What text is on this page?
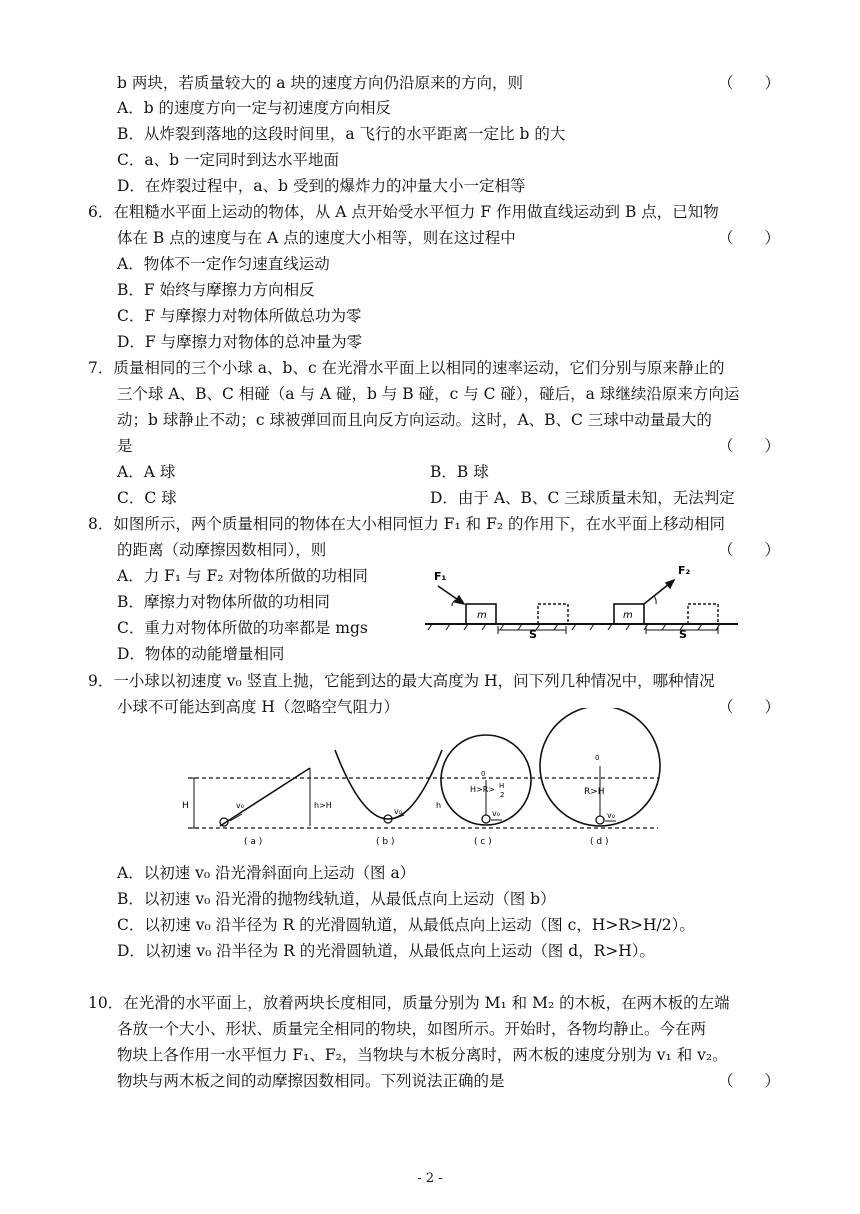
b 两块，若质量较大的 a 块的速度方向仍沿原来的方向，则	（　　）
A．b 的速度方向一定与初速度方向相反
B．从炸裂到落地的这段时间里，a 飞行的水平距离一定比 b 的大
C．a、b 一定同时到达水平地面
D．在炸裂过程中，a、b 受到的爆炸力的冲量大小一定相等
6．在粗糙水平面上运动的物体，从 A 点开始受水平恒力 F 作用做直线运动到 B 点，已知物
体在 B 点的速度与在 A 点的速度大小相等，则在这过程中	（　　）
A．物体不一定作匀速直线运动
B．F 始终与摩擦力方向相反
C．F 与摩擦力对物体所做总功为零
D．F 与摩擦力对物体的总冲量为零
7．质量相同的三个小球 a、b、c 在光滑水平面上以相同的速率运动，它们分别与原来静止的
三个球 A、B、C 相碰（a 与 A 碰，b 与 B 碰，c 与 C 碰），碰后，a 球继续沿原来方向运
动；b 球静止不动；c 球被弹回而且向反方向运动。这时，A、B、C 三球中动量最大的
是	（　　）
A．A 球	B．B 球
C．C 球	D．由于 A、B、C 三球质量未知，无法判定
8．如图所示，两个质量相同的物体在大小相同恒力 F₁ 和 F₂ 的作用下，在水平面上移动相同
的距离（动摩擦因数相同），则	（　　）
A．力 F₁ 与 F₂ 对物体所做的功相同
B．摩擦力对物体所做的功相同
C．重力对物体所做的功率都是 mgs
D．物体的动能增量相同
F₁	F₂
m	m
S	S
9．一小球以初速度 v₀ 竖直上抛，它能到达的最大高度为 H，问下列几种情况中，哪种情况
小球不可能达到高度 H（忽略空气阻力）	（　　）
H	v₀	h>H	h
v₀
H>R> H
2
0
v₀
R>H
0
v₀
( a )	( b )	( c )	( d )
A．以初速 v₀ 沿光滑斜面向上运动（图 a）
B．以初速 v₀ 沿光滑的抛物线轨道，从最低点向上运动（图 b）
C．以初速 v₀ 沿半径为 R 的光滑圆轨道，从最低点向上运动（图 c，H>R>H/2）。
D．以初速 v₀ 沿半径为 R 的光滑圆轨道，从最低点向上运动（图 d，R>H）。
10．在光滑的水平面上，放着两块长度相同，质量分别为 M₁ 和 M₂ 的木板，在两木板的左端
各放一个大小、形状、质量完全相同的物块，如图所示。开始时，各物均静止。今在两
物块上各作用一水平恒力 F₁、F₂，当物块与木板分离时，两木板的速度分别为 v₁ 和 v₂。
物块与两木板之间的动摩擦因数相同。下列说法正确的是	（　　）
- 2 -
